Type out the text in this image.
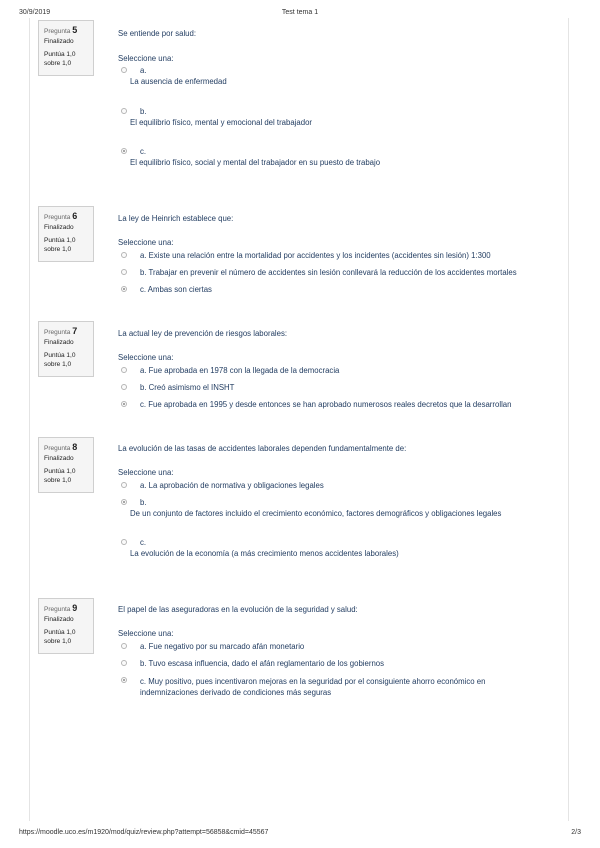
30/9/2019	Test tema 1
Pregunta 5
Finalizado
Puntúa 1,0
sobre 1,0
Se entiende por salud:
Seleccione una:
a.
La ausencia de enfermedad
b.
El equilibrio físico, mental y emocional del trabajador
c.
El equilibrio físico, social y mental del trabajador en su puesto de trabajo
Pregunta 6
Finalizado
Puntúa 1,0
sobre 1,0
La ley de Heinrich establece que:
Seleccione una:
a. Existe una relación entre la mortalidad por accidentes y los incidentes (accidentes sin lesión) 1:300
b. Trabajar en prevenir el número de accidentes sin lesión conllevará la reducción de los accidentes mortales
c. Ambas son ciertas
Pregunta 7
Finalizado
Puntúa 1,0
sobre 1,0
La actual ley de prevención de riesgos laborales:
Seleccione una:
a. Fue aprobada en 1978 con la llegada de la democracia
b. Creó asimismo el INSHT
c. Fue aprobada en 1995 y desde entonces se han aprobado numerosos reales decretos que la desarrollan
Pregunta 8
Finalizado
Puntúa 1,0
sobre 1,0
La evolución de las tasas de accidentes laborales dependen fundamentalmente de:
Seleccione una:
a. La aprobación de normativa y obligaciones legales
b.
De un conjunto de factores incluido el crecimiento económico, factores demográficos y obligaciones legales
c.
La evolución de la economía (a más crecimiento menos accidentes laborales)
Pregunta 9
Finalizado
Puntúa 1,0
sobre 1,0
El papel de las aseguradoras en la evolución de la seguridad y salud:
Seleccione una:
a. Fue negativo por su marcado afán monetario
b. Tuvo escasa influencia, dado el afán reglamentario de los gobiernos
c. Muy positivo, pues incentivaron mejoras en la seguridad por el consiguiente ahorro económico en indemnizaciones derivado de condiciones más seguras
https://moodle.uco.es/m1920/mod/quiz/review.php?attempt=56858&cmid=45567	2/3
